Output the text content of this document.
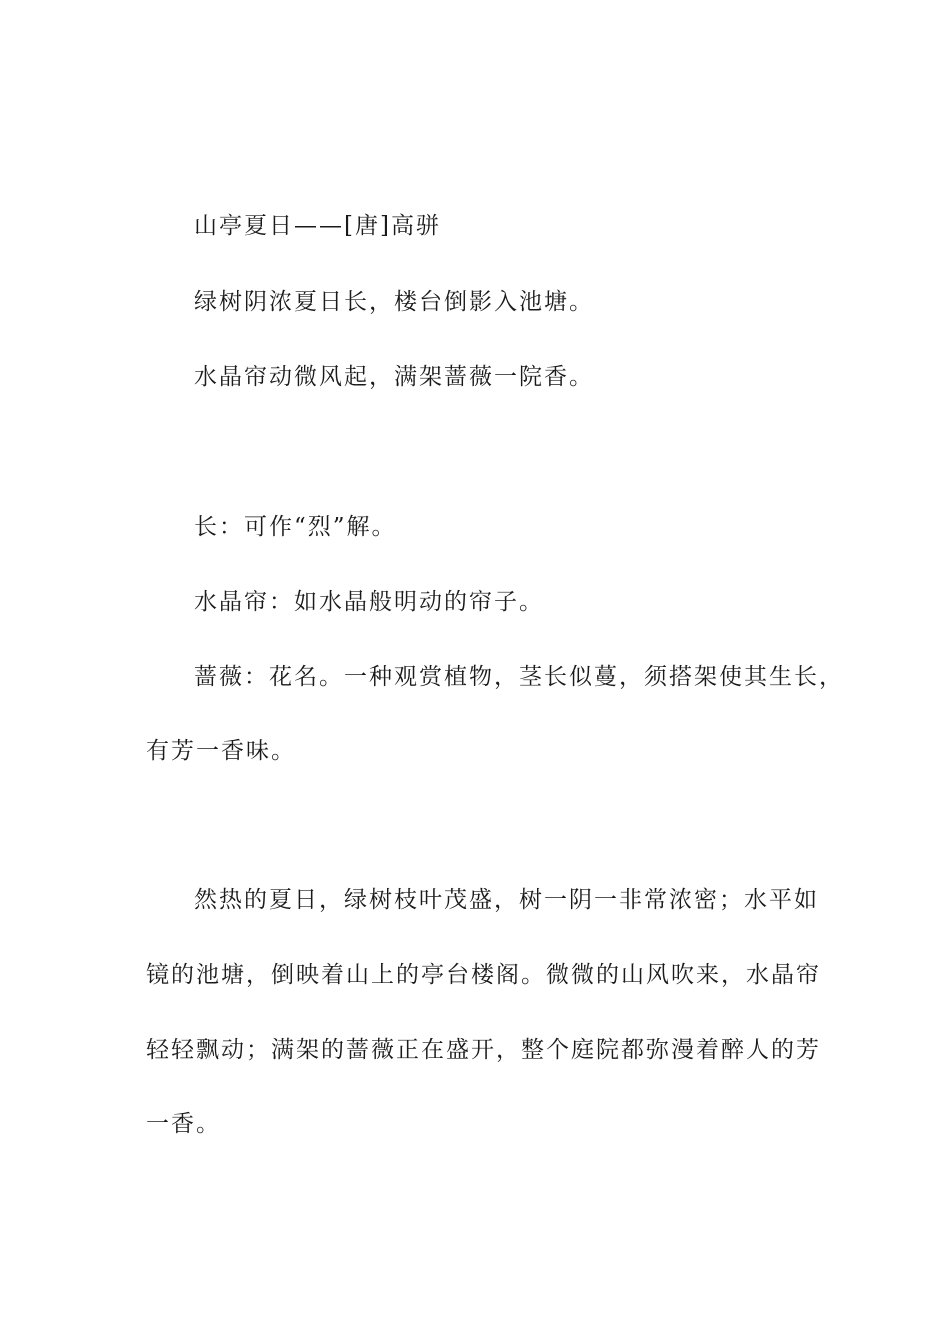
山亭夏日——[唐]高骈

绿树阴浓夏日长，楼台倒影入池塘。

水晶帘动微风起，满架蔷薇一院香。

长：可作“烈”解。

水晶帘：如水晶般明动的帘子。

蔷薇：花名。一种观赏植物，茎长似蔓，须搭架使其生长，

有芳一香味。

然热的夏日，绿树枝叶茂盛，树一阴一非常浓密；水平如

镜的池塘，倒映着山上的亭台楼阁。微微的山风吹来，水晶帘

轻轻飘动；满架的蔷薇正在盛开，整个庭院都弥漫着醉人的芳

一香。
